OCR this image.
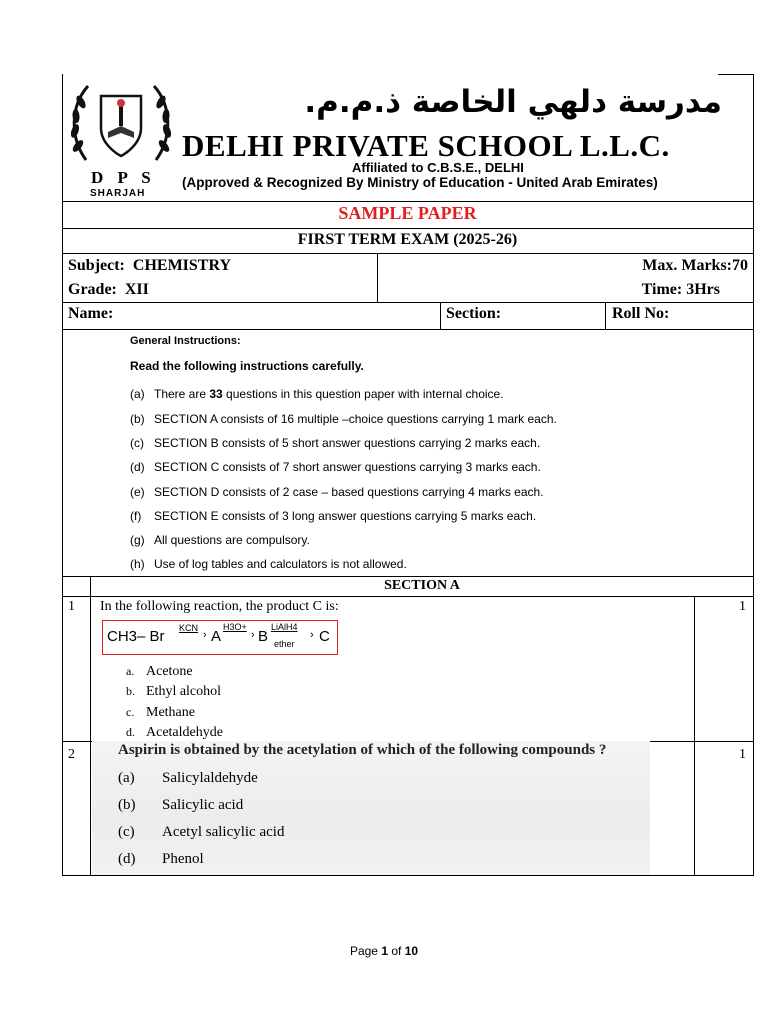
D P S
SHARJAH
مدرسة دلهي الخاصة ذ.م.م.
DELHI PRIVATE SCHOOL L.L.C.
Affiliated to C.B.S.E., DELHI
(Approved & Recognized By Ministry of Education - United Arab Emirates)
SAMPLE PAPER
FIRST TERM EXAM (2025-26)
Subject: CHEMISTRY
Grade: XII
Max. Marks:70
Time: 3Hrs
Name:	Section:	Roll No:
General Instructions:
Read the following instructions carefully.
(a) There are 33 questions in this question paper with internal choice.
(b) SECTION A consists of 16 multiple –choice questions carrying 1 mark each.
(c) SECTION B consists of 5 short answer questions carrying 2 marks each.
(d) SECTION C consists of 7 short answer questions carrying 3 marks each.
(e) SECTION D consists of 2 case – based questions carrying 4 marks each.
(f) SECTION E consists of 3 long answer questions carrying 5 marks each.
(g) All questions are compulsory.
(h) Use of log tables and calculators is not allowed.
SECTION A
1 In the following reaction, the product C is:	1
CH3– Br KCN
› A
H3O+
› B
LiAlH4
ether
› C
a. Acetone
b. Ethyl alcohol
c. Methane
d. Acetaldehyde
2	Aspirin is obtained by the acetylation of which of the following compounds ?	1
(a) Salicylaldehyde
(b) Salicylic acid
(c) Acetyl salicylic acid
(d) Phenol
Page 1 of 10
